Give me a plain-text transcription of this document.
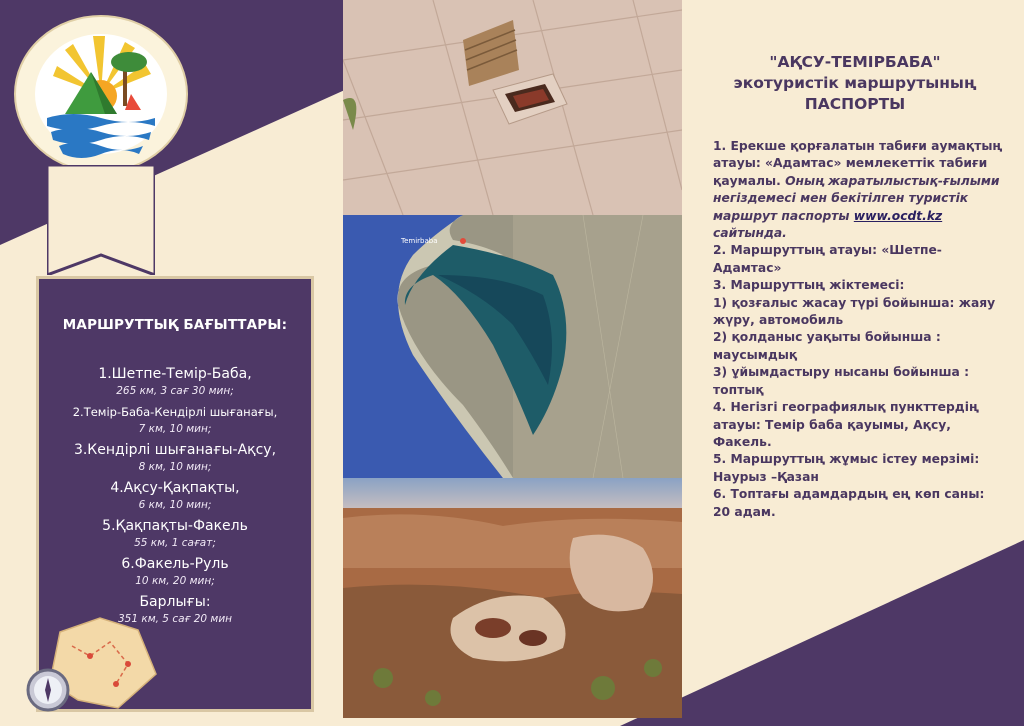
МАРШРУТТЫҚ БАҒЫТТАРЫ:
1.Шетпе-Темір-Баба,
265 км, 3 сағ 30 мин;
2.Темір-Баба-Кендірлі шығанағы,
7 км, 10 мин;
3.Кендірлі шығанағы-Ақсу,
8 км, 10 мин;
4.Ақсу-Қақпақты,
6 км, 10 мин;
5.Қақпақты-Факель
55 км, 1 сағат;
6.Факель-Руль
10 км, 20 мин;
Барлығы:
351 км, 5 сағ 20 мин
Temirbaba
"АҚСУ-ТЕМІРБАБА"
экотуристік маршрутының
ПАСПОРТЫ

1. Ерекше қорғалатын табиғи аумақтың атауы: «Адамтас» мемлекеттік табиғи қаумалы. Оның жаратылыстық-ғылыми негіздемесі мен бекітілген туристік маршрут паспорты www.ocdt.kz сайтында.

2. Маршруттың атауы: «Шетпе-Адамтас»

3. Маршруттың жіктемесі:

1) қозғалыс жасау түрі бойынша: жаяу жүру, автомобиль

2) қолданыс уақыты бойынша : маусымдық

3) ұйымдастыру нысаны бойынша : топтық

4. Негізгі географиялық пункттердің атауы: Темір баба қауымы, Ақсу, Факель.

5. Маршруттың жұмыс істеу мерзімі: Наурыз –Қазан

6. Топтағы адамдардың ең көп саны: 20 адам.
